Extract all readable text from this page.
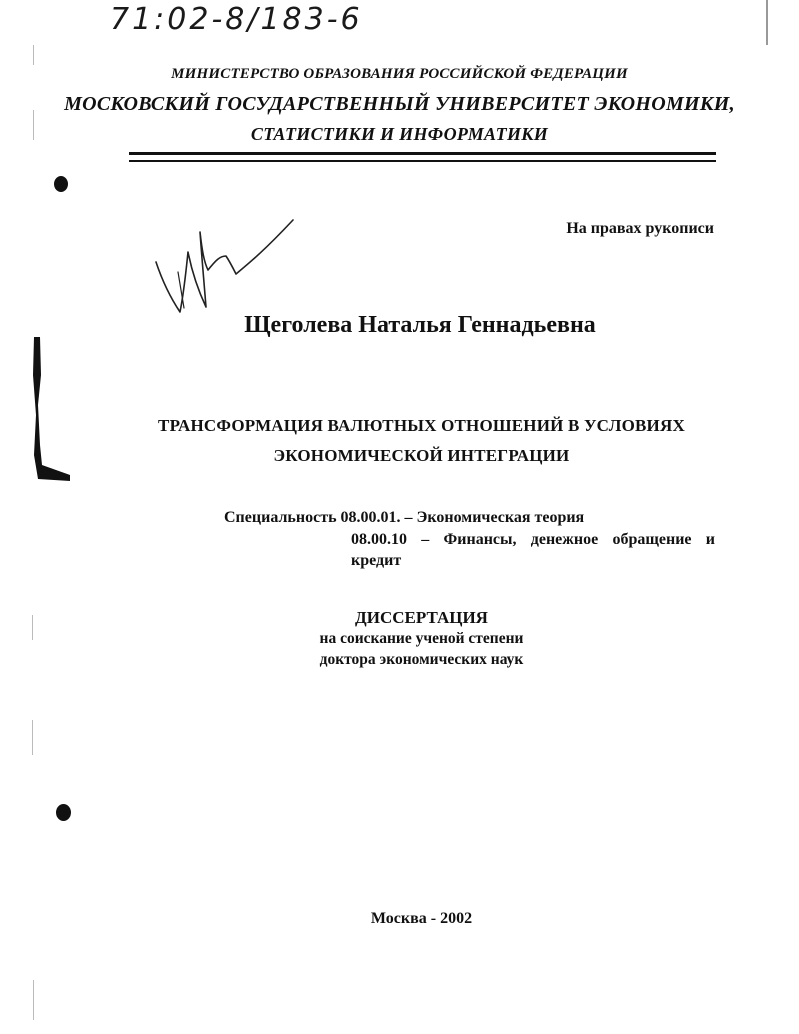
71:02-8/183-6
МИНИСТЕРСТВО ОБРАЗОВАНИЯ РОССИЙСКОЙ ФЕДЕРАЦИИ
МОСКОВСКИЙ ГОСУДАРСТВЕННЫЙ УНИВЕРСИТЕТ ЭКОНОМИКИ,
СТАТИСТИКИ И ИНФОРМАТИКИ
На правах рукописи
Щеголева Наталья Геннадьевна
ТРАНСФОРМАЦИЯ ВАЛЮТНЫХ ОТНОШЕНИЙ В УСЛОВИЯХ
ЭКОНОМИЧЕСКОЙ ИНТЕГРАЦИИ
Специальность 08.00.01. – Экономическая теория
08.00.10 – Финансы, денежное обращение и кредит
ДИССЕРТАЦИЯ
на соискание ученой степени
доктора экономических наук
Москва - 2002
